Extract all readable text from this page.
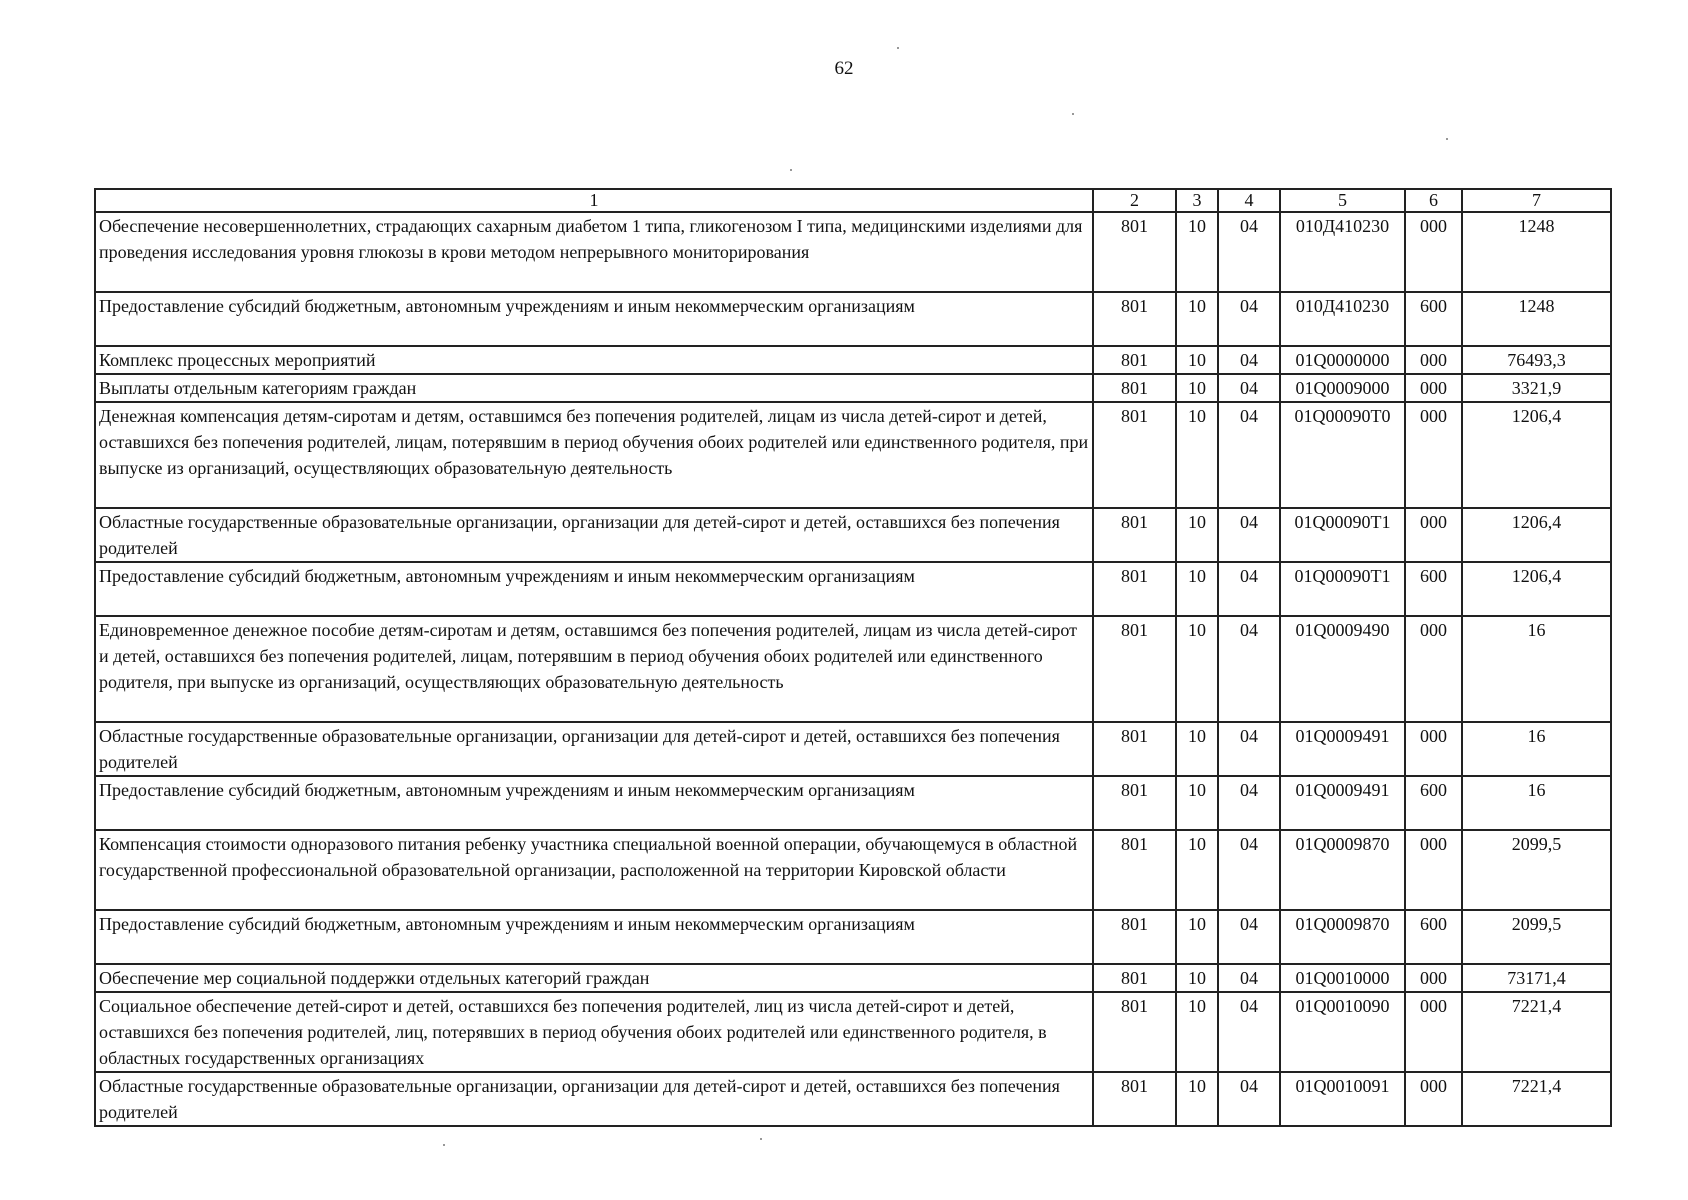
62
1	2	3	4	5	6	7
Обеспечение несовершеннолетних, страдающих сахарным диабетом 1 типа, гликогенозом I типа, медицинскими изделиями для проведения исследования уровня глюкозы в крови методом непрерывного мониторирования	801	10	04	010Д410230	000	1248
Предоставление субсидий бюджетным, автономным учреждениям и иным некоммерческим организациям	801	10	04	010Д410230	600	1248
Комплекс процессных мероприятий	801	10	04	01Q0000000	000	76493,3
Выплаты отдельным категориям граждан	801	10	04	01Q0009000	000	3321,9
Денежная компенсация детям-сиротам и детям, оставшимся без попечения родителей, лицам из числа детей-сирот и детей, оставшихся без попечения родителей, лицам, потерявшим в период обучения обоих родителей или единственного родителя, при выпуске из организаций, осуществляющих образовательную деятельность	801	10	04	01Q00090Т0	000	1206,4
Областные государственные образовательные организации, организации для детей-сирот и детей, оставшихся без попечения родителей	801	10	04	01Q00090Т1	000	1206,4
Предоставление субсидий бюджетным, автономным учреждениям и иным некоммерческим организациям	801	10	04	01Q00090Т1	600	1206,4
Единовременное денежное пособие детям-сиротам и детям, оставшимся без попечения родителей, лицам из числа детей-сирот и детей, оставшихся без попечения родителей, лицам, потерявшим в период обучения обоих родителей или единственного родителя, при выпуске из организаций, осуществляющих образовательную деятельность	801	10	04	01Q0009490	000	16
Областные государственные образовательные организации, организации для детей-сирот и детей, оставшихся без попечения родителей	801	10	04	01Q0009491	000	16
Предоставление субсидий бюджетным, автономным учреждениям и иным некоммерческим организациям	801	10	04	01Q0009491	600	16
Компенсация стоимости одноразового питания ребенку участника специальной военной операции, обучающемуся в областной государственной профессиональной образовательной организации, расположенной на территории Кировской области	801	10	04	01Q0009870	000	2099,5
Предоставление субсидий бюджетным, автономным учреждениям и иным некоммерческим организациям	801	10	04	01Q0009870	600	2099,5
Обеспечение мер социальной поддержки отдельных категорий граждан	801	10	04	01Q0010000	000	73171,4
Социальное обеспечение детей-сирот и детей, оставшихся без попечения родителей, лиц из числа детей-сирот и детей, оставшихся без попечения родителей, лиц, потерявших в период обучения обоих родителей или единственного родителя, в областных государственных организациях	801	10	04	01Q0010090	000	7221,4
Областные государственные образовательные организации, организации для детей-сирот и детей, оставшихся без попечения родителей	801	10	04	01Q0010091	000	7221,4
